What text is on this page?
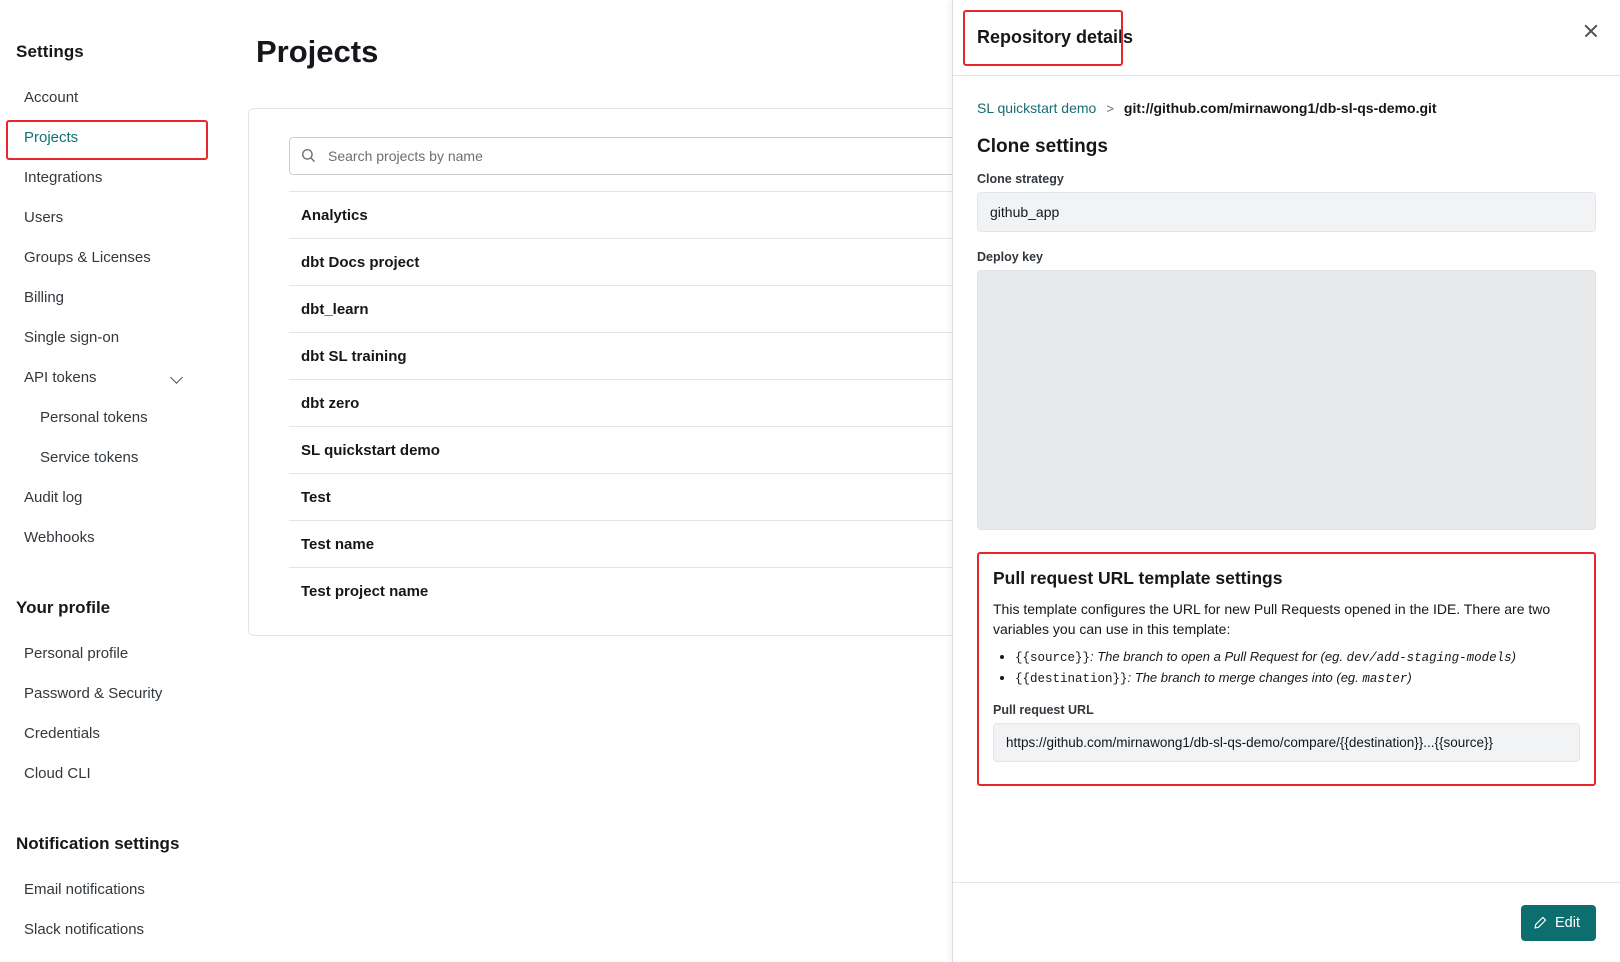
Settings
Account
Projects
Integrations
Users
Groups & Licenses
Billing
Single sign-on
API tokens
Personal tokens
Service tokens
Audit log
Webhooks
Your profile
Personal profile
Password & Security
Credentials
Cloud CLI
Notification settings
Email notifications
Slack notifications
Projects
Search projects by name
Analytics
dbt Docs project
dbt_learn
dbt SL training
dbt zero
SL quickstart demo
Test
Test name
Test project name
Repository details
SL quickstart demo > git://github.com/mirnawong1/db-sl-qs-demo.git
Clone settings
Clone strategy
github_app
Deploy key
Pull request URL template settings

This template configures the URL for new Pull Requests opened in the IDE. There are two variables you can use in this template:

• {{source}}: The branch to open a Pull Request for (eg. dev/add-staging-models)
• {{destination}}: The branch to merge changes into (eg. master)
Pull request URL
https://github.com/mirnawong1/db-sl-qs-demo/compare/{{destination}}...{{source}}
Edit
